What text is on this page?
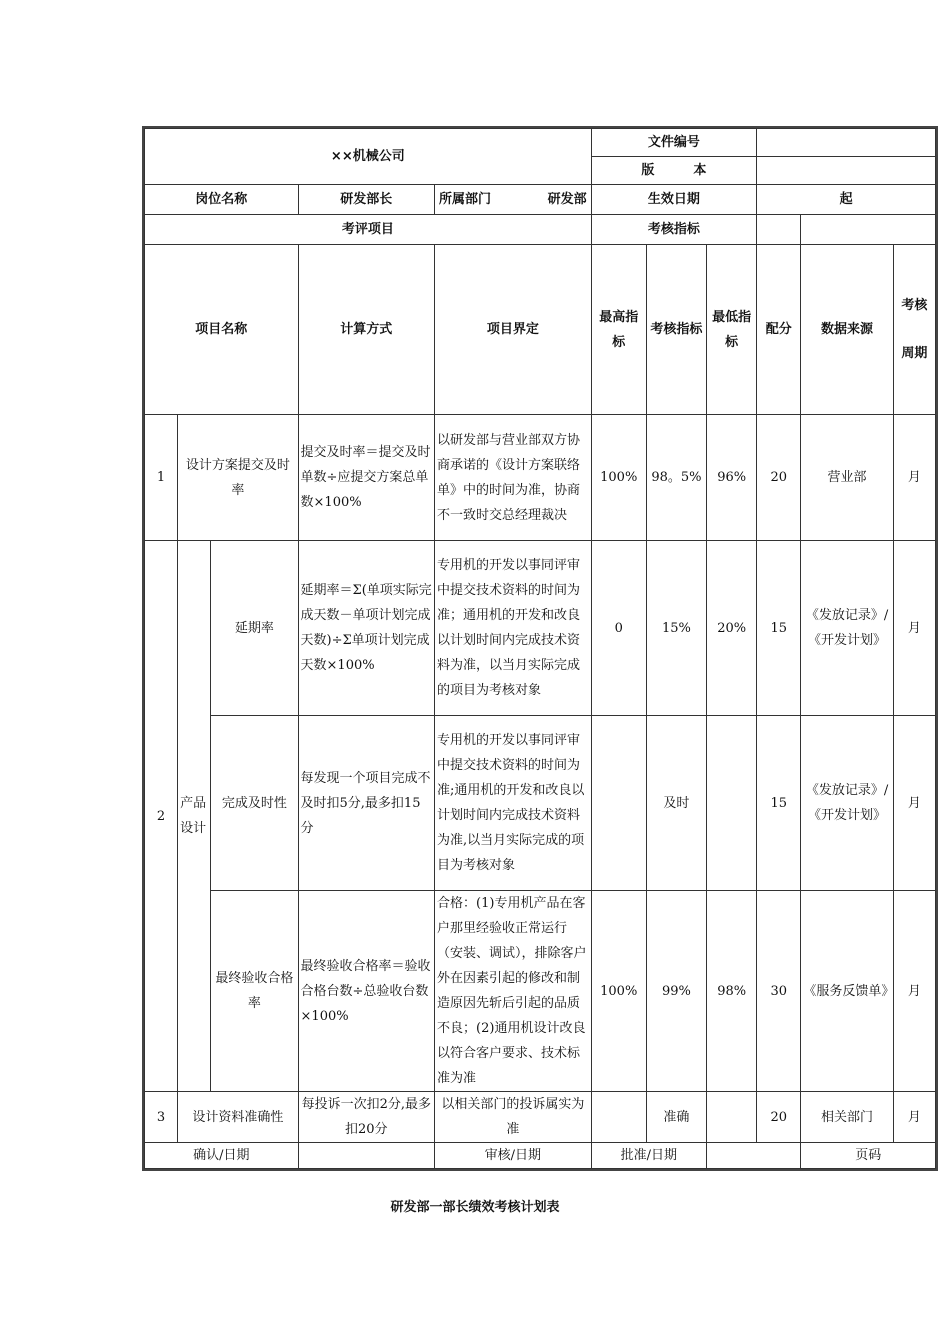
××机械公司					文件编号					
					版　　　本					
岗位名称			研发部长	所属部门　　　　 研发部	生效日期			起		
考评项目					考核指标					
项目名称			计算方式	项目界定	最高指标	考核指标	最低指标	配分	数据来源	考核周期
1	设计方案提交及时率		提交及时率＝提交及时单数÷应提交方案总单数×100%	以研发部与营业部双方协商承诺的《设计方案联络单》中的时间为准，协商不一致时交总经理裁决	100%	98。5%	96%	20	营业部	月
2	产品设计	延期率	延期率＝Σ(单项实际完成天数－单项计划完成天数)÷Σ单项计划完成天数×100%	专用机的开发以事同评审中提交技术资料的时间为准；通用机的开发和改良以计划时间内完成技术资料为准，以当月实际完成的项目为考核对象	0	15%	20%	15	《发放记录》/《开发计划》	月
		完成及时性	每发现一个项目完成不及时扣5分,最多扣15分	专用机的开发以事同评审中提交技术资料的时间为准;通用机的开发和改良以计划时间内完成技术资料为准,以当月实际完成的项目为考核对象		及时		15	《发放记录》/《开发计划》	月
		最终验收合格率	最终验收合格率＝验收合格台数÷总验收台数×100%	合格：(1)专用机产品在客户那里经验收正常运行（安装、调试），排除客户外在因素引起的修改和制造原因先斩后引起的品质不良；(2)通用机设计改良以符合客户要求、技术标准为准	100%	99%	98%	30	《服务反馈单》	月
3	设计资料准确性		每投诉一次扣2分,最多扣20分	以相关部门的投诉属实为准		准确		20	相关部门	月
确认/日期				审核/日期	批准/日期				页码	
研发部一部长绩效考核计划表
